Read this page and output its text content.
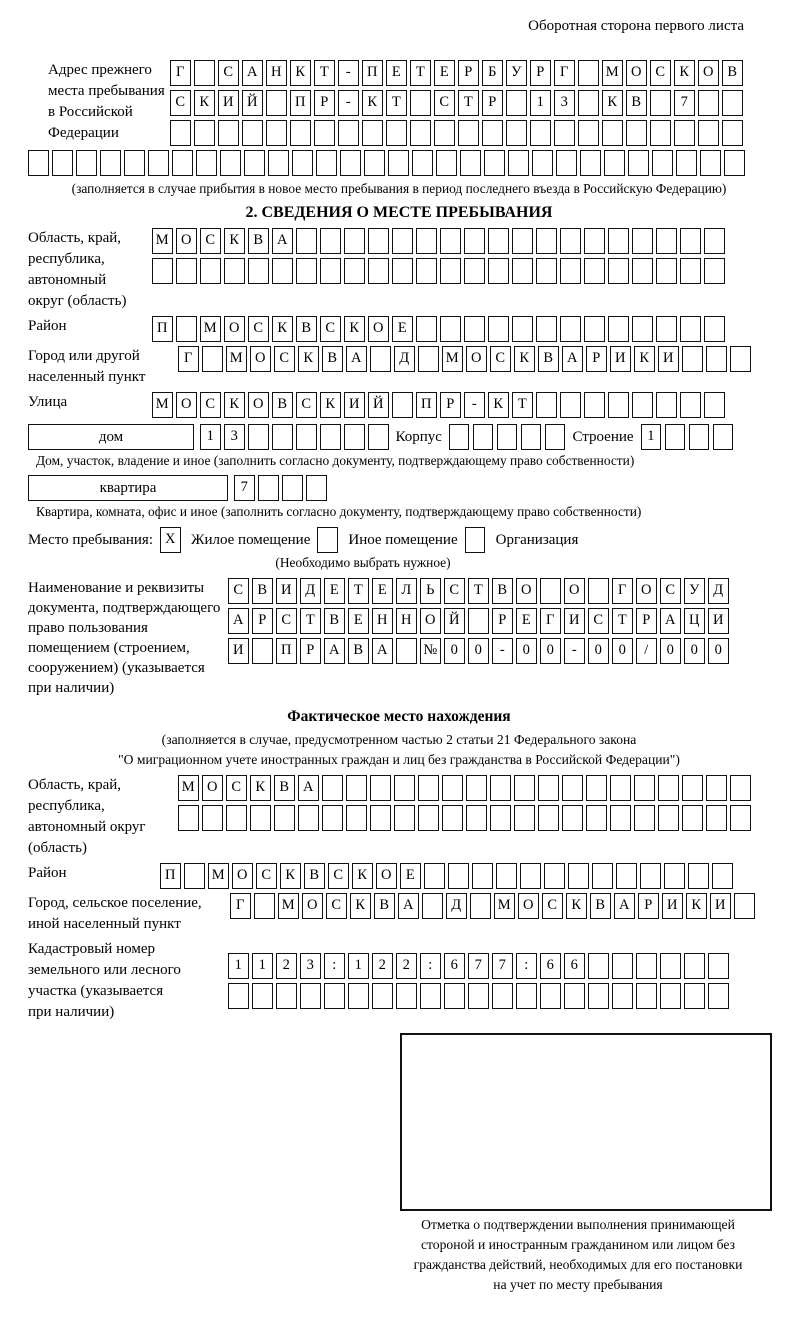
Оборотная сторона первого листа
Адрес прежнего
места пребывания
в Российской
Федерации
Г	С А Н К	Т	-	П Е	Т	Е	Р	Б	У	Р	Г	М О С К О В
С К И Й	П	Р	-	К	Т	С	Т	Р	1	3	К В	7
(заполняется в случае прибытия в новое место пребывания в период последнего въезда в Российскую Федерацию)
2. СВЕДЕНИЯ О МЕСТЕ ПРЕБЫВАНИЯ
Область, край,
республика,
автономный
округ (область)
М О С К В А
Район	П	М О С К В С К О Е
Город или другой
населенный пункт
Г	М О С К В А	Д	М О С К В А	Р	И К И
Улица	М О С К О В С К И Й	П	Р	-	К	Т
дом	1	3	Корпус	Строение 1
Дом, участок, владение и иное (заполнить согласно документу, подтверждающему право собственности)
квартира	7
Квартира, комната, офис и иное (заполнить согласно документу, подтверждающему право собственности)
Место пребывания: X	Жилое помещение	Иное помещение	Организация
(Необходимо выбрать нужное)
Наименование и реквизиты
документа, подтверждающего
право пользования
помещением (строением,
сооружением) (указывается
при наличии)
С В И Д	Е	Т	Е	Л	Ь	С	Т	В О	О	Г	О С У Д
А	Р	С	Т	В	Е Н Н О Й	Р	Е	Г	И С	Т	Р	А Ц И
И	П	Р	А В А	№ 0	0	-	0	0	-	0	0	/	0	0	0
Фактическое место нахождения
(заполняется в случае, предусмотренном частью 2 статьи 21 Федерального закона
"О миграционном учете иностранных граждан и лиц без гражданства в Российской Федерации")
Область, край,
республика,
автономный округ
(область)
М О С К В А
Район	П	М О С К В С К О Е
Город, сельское поселение,
иной населенный пункт
Г	М О С К В А	Д	М О С К В А	Р	И К И
Кадастровый номер
земельного или лесного
участка (указывается
при наличии)
1	1	2	3	:	1	2	2	:	6	7	7	:	6	6
Отметка о подтверждении выполнения принимающей
стороной и иностранным гражданином или лицом без
гражданства действий, необходимых для его постановки
на учет по месту пребывания
